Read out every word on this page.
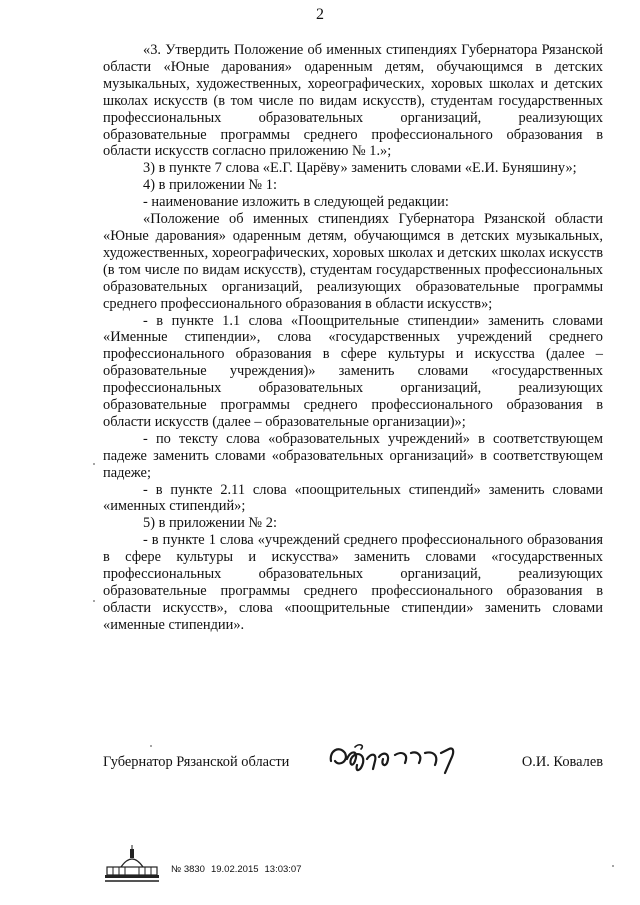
2

«3. Утвердить Положение об именных стипендиях Губернатора Рязанской области «Юные дарования» одаренным детям, обучающимся в детских музыкальных, художественных, хореографических, хоровых школах и детских школах искусств (в том числе по видам искусств), студентам государственных профессиональных образовательных организаций, реализующих образовательные программы среднего профессионального образования в области искусств согласно приложению № 1.»;

3) в пункте 7 слова «Е.Г. Царёву» заменить словами «Е.И. Буняшину»;

4) в приложении № 1:

- наименование изложить в следующей редакции:

«Положение об именных стипендиях Губернатора Рязанской области «Юные дарования» одаренным детям, обучающимся в детских музыкальных, художественных, хореографических, хоровых школах и детских школах искусств (в том числе по видам искусств), студентам государственных профессиональных образовательных организаций, реализующих образовательные программы среднего профессионального образования в области искусств»;

- в пункте 1.1 слова «Поощрительные стипендии» заменить словами «Именные стипендии», слова «государственных учреждений среднего профессионального образования в сфере культуры и искусства (далее – образовательные учреждения)» заменить словами «государственных профессиональных образовательных организаций, реализующих образовательные программы среднего профессионального образования в области искусств (далее – образовательные организации)»;

- по тексту слова «образовательных учреждений» в соответствующем падеже заменить словами «образовательных организаций» в соответствующем падеже;

- в пункте 2.11 слова «поощрительных стипендий» заменить словами «именных стипендий»;

5) в приложении № 2:

- в пункте 1 слова «учреждений среднего профессионального образования в сфере культуры и искусства» заменить словами «государственных профессиональных образовательных организаций, реализующих образовательные программы среднего профессионального образования в области искусств», слова «поощрительные стипендии» заменить словами «именные стипендии».

Губернатор Рязанской области	О.И. Ковалев
№ 3830 19.02.2015 13:03:07
